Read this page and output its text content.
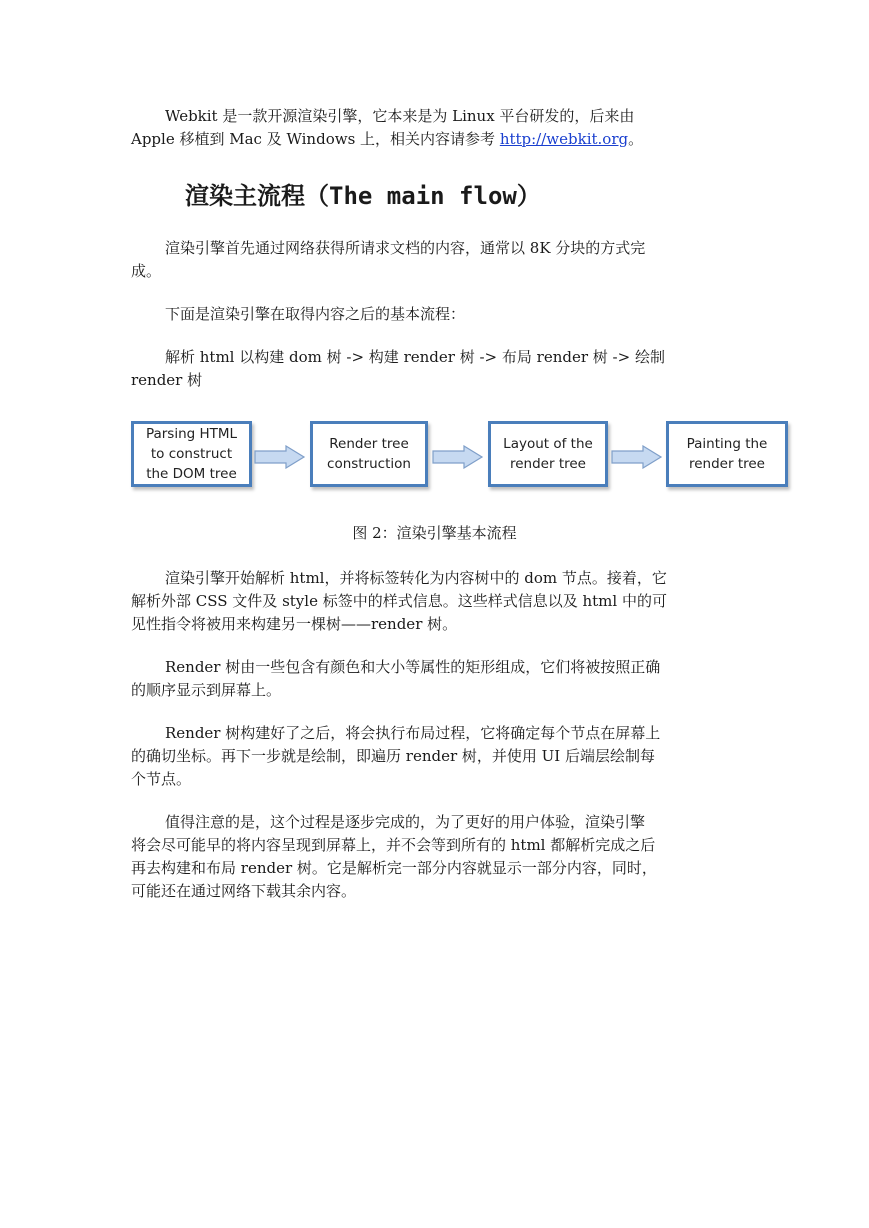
Webkit 是一款开源渲染引擎，它本来是为 Linux 平台研发的，后来由
Apple 移植到 Mac 及 Windows 上，相关内容请参考 http://webkit.org。

渲染主流程（The main flow）

渲染引擎首先通过网络获得所请求文档的内容，通常以 8K 分块的方式完
成。

下面是渲染引擎在取得内容之后的基本流程：

解析 html 以构建 dom 树 -> 构建 render 树 -> 布局 render 树 -> 绘制
render 树

Parsing HTML
to construct
the DOM tree
Render tree
construction
Layout of the
render tree
Painting the
render tree

图 2：渲染引擎基本流程

渲染引擎开始解析 html，并将标签转化为内容树中的 dom 节点。接着，它
解析外部 CSS 文件及 style 标签中的样式信息。这些样式信息以及 html 中的可
见性指令将被用来构建另一棵树——render 树。

Render 树由一些包含有颜色和大小等属性的矩形组成，它们将被按照正确
的顺序显示到屏幕上。

Render 树构建好了之后，将会执行布局过程，它将确定每个节点在屏幕上
的确切坐标。再下一步就是绘制，即遍历 render 树，并使用 UI 后端层绘制每
个节点。

值得注意的是，这个过程是逐步完成的，为了更好的用户体验，渲染引擎
将会尽可能早的将内容呈现到屏幕上，并不会等到所有的 html 都解析完成之后
再去构建和布局 render 树。它是解析完一部分内容就显示一部分内容，同时，
可能还在通过网络下载其余内容。
